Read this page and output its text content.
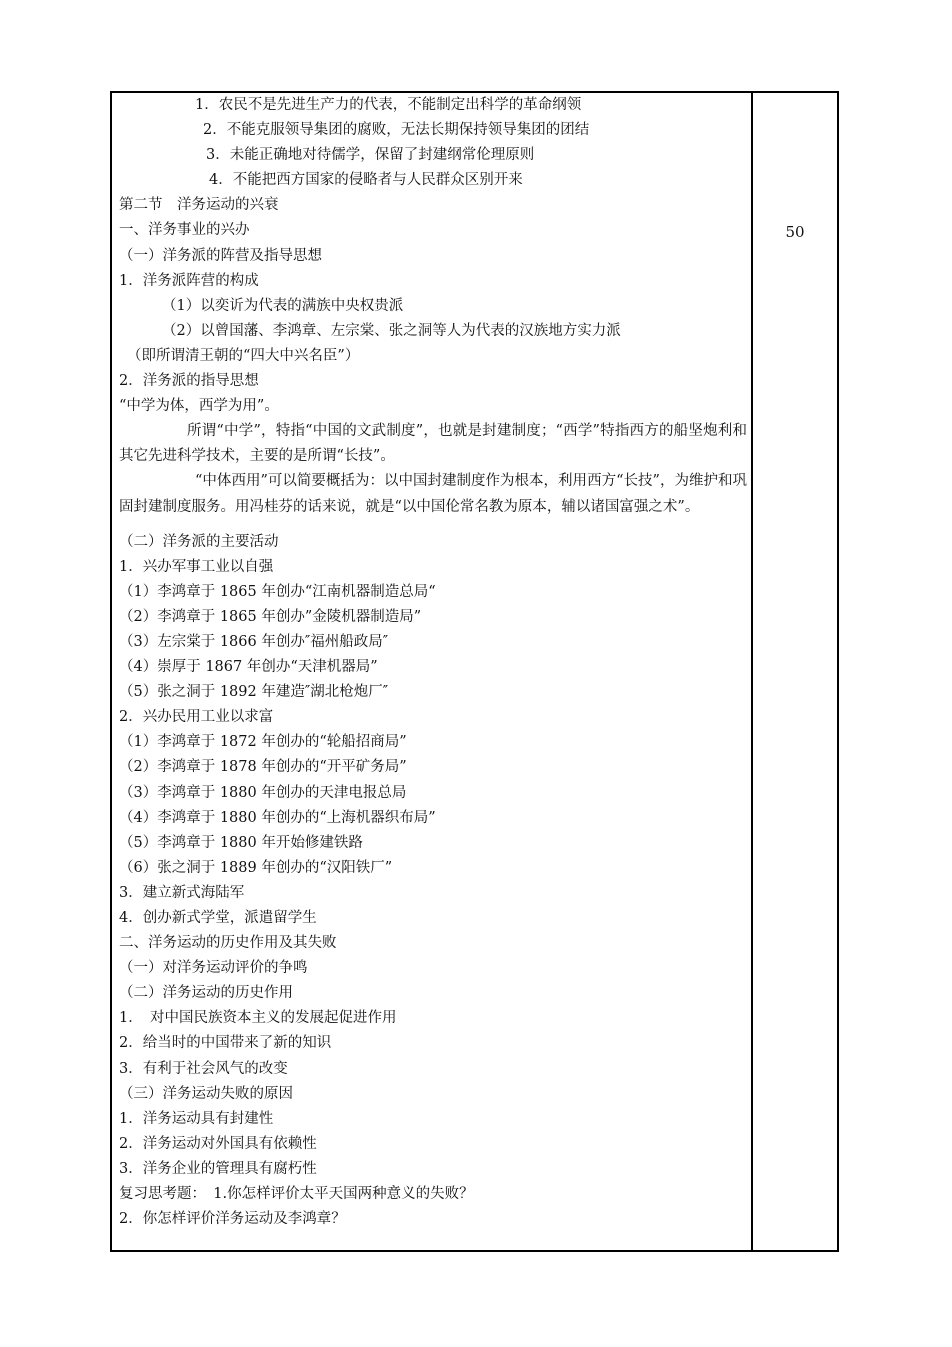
1．农民不是先进生产力的代表，不能制定出科学的革命纲领
2．不能克服领导集团的腐败，无法长期保持领导集团的团结
3．未能正确地对待儒学，保留了封建纲常伦理原则
4．不能把西方国家的侵略者与人民群众区别开来
第二节　洋务运动的兴衰
一、洋务事业的兴办
（一）洋务派的阵营及指导思想
1．洋务派阵营的构成
（1）以奕䜣为代表的满族中央权贵派
（2）以曾国藩、李鸿章、左宗棠、张之洞等人为代表的汉族地方实力派
（即所谓清王朝的“四大中兴名臣”）
2．洋务派的指导思想
“中学为体，西学为用”。
所谓“中学”，特指“中国的文武制度”，也就是封建制度；“西学”特指西方的船坚炮利和其它先进科学技术，主要的是所谓“长技”。
“中体西用”可以简要概括为：以中国封建制度作为根本，利用西方“长技”，为维护和巩固封建制度服务。用冯桂芬的话来说，就是“以中国伦常名教为原本，辅以诸国富强之术”。
（二）洋务派的主要活动
1．兴办军事工业以自强
（1）李鸿章于 1865 年创办“江南机器制造总局“
（2）李鸿章于 1865 年创办”金陵机器制造局”
（3）左宗棠于 1866 年创办″福州船政局″
（4）崇厚于 1867 年创办“天津机器局”
（5）张之洞于 1892 年建造″湖北枪炮厂″
2．兴办民用工业以求富
（1）李鸿章于 1872 年创办的“轮船招商局”
（2）李鸿章于 1878 年创办的“开平矿务局”
（3）李鸿章于 1880 年创办的天津电报总局
（4）李鸿章于 1880 年创办的“上海机器织布局”
（5）李鸿章于 1880 年开始修建铁路
（6）张之洞于 1889 年创办的“汉阳铁厂”
3．建立新式海陆军
4．创办新式学堂，派遣留学生
二、洋务运动的历史作用及其失败
（一）对洋务运动评价的争鸣
（二）洋务运动的历史作用
1．　对中国民族资本主义的发展起促进作用
2．给当时的中国带来了新的知识
3．有利于社会风气的改变
（三）洋务运动失败的原因
1．洋务运动具有封建性
2．洋务运动对外国具有依赖性
3．洋务企业的管理具有腐朽性
复习思考题：　1.你怎样评价太平天国两种意义的失败？
2．你怎样评价洋务运动及李鸿章？
50
